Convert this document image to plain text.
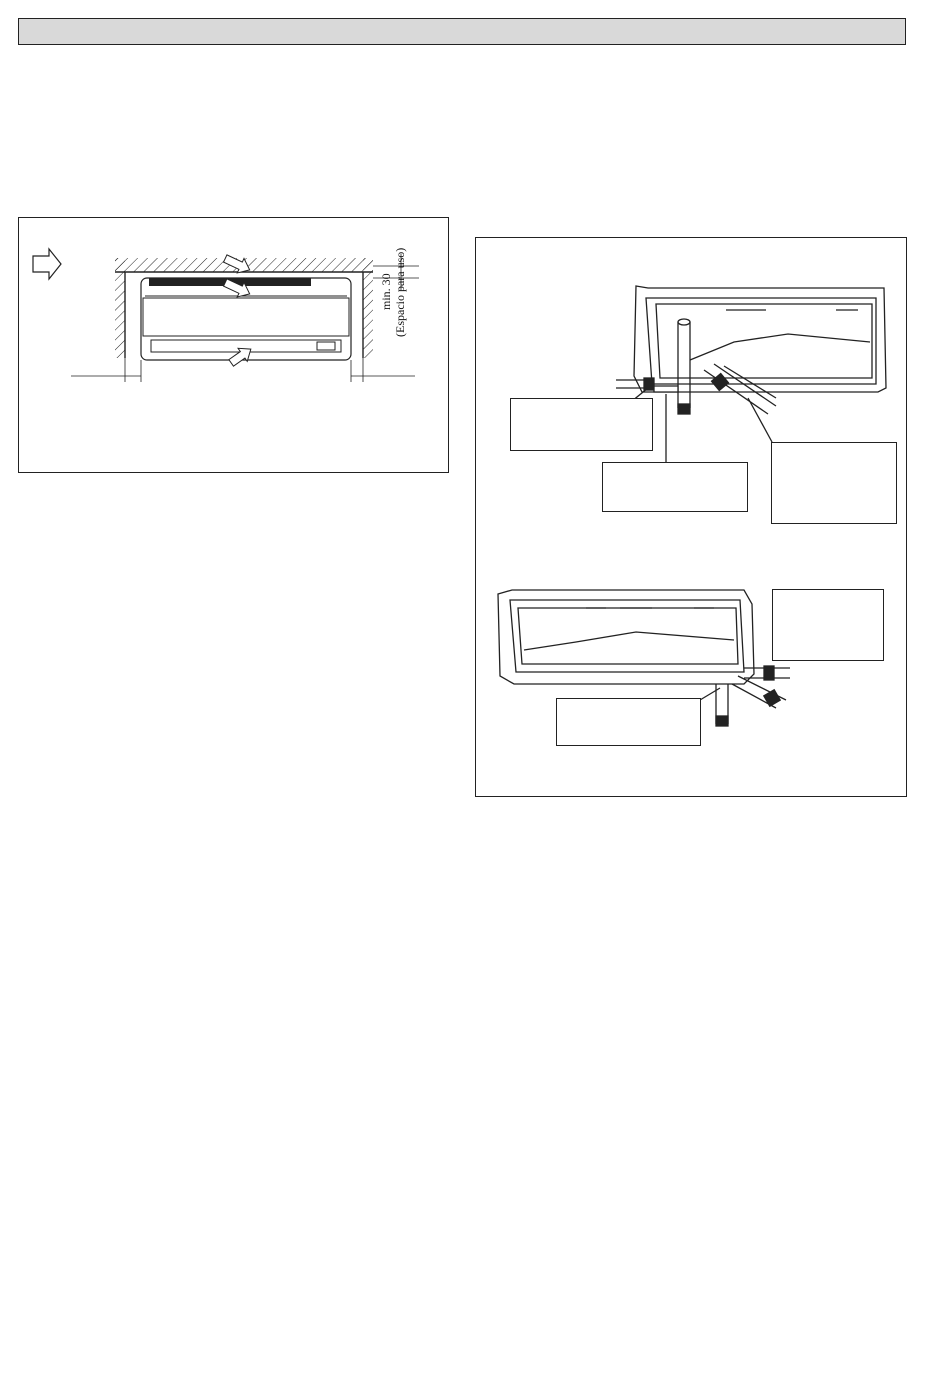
min. 30
(Espacio para uso)
